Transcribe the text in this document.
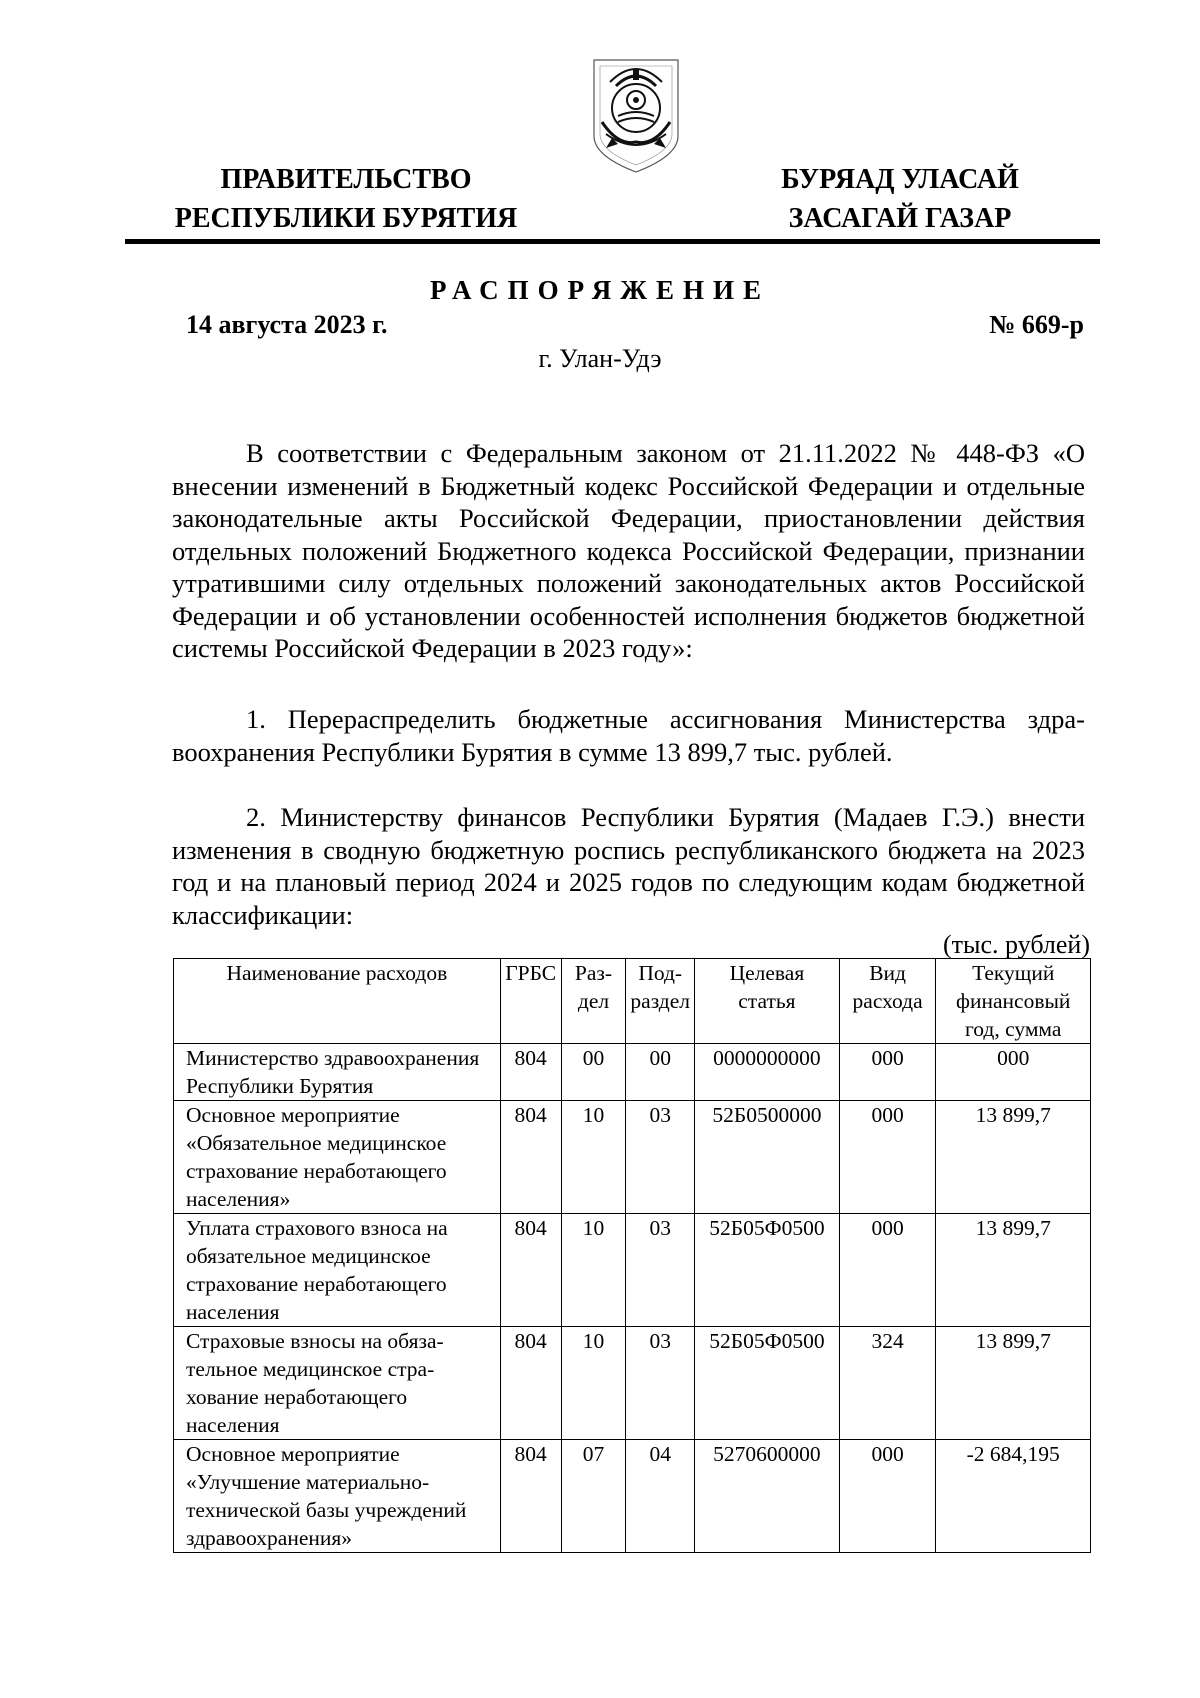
ПРАВИТЕЛЬСТВО
РЕСПУБЛИКИ БУРЯТИЯ
БУРЯАД УЛАСАЙ
ЗАСАГАЙ ГАЗАР
РАСПОРЯЖЕНИЕ
14 августа 2023 г.	№ 669-р
г. Улан-Удэ

В соответствии с Федеральным законом от 21.11.2022 № 448-ФЗ «О внесении изменений в Бюджетный кодекс Российской Федерации и отдельные законодательные акты Российской Федерации, приостановлении действия отдельных положений Бюджетного кодекса Российской Федерации, признании утратившими силу отдельных положений законодательных актов Российской Федерации и об установлении особенностей исполнения бюджетов бюджетной системы Российской Федерации в 2023 году»:

1. Перераспределить бюджетные ассигнования Министерства здравоохранения Республики Бурятия в сумме 13 899,7 тыс. рублей.

2. Министерству финансов Республики Бурятия (Мадаев Г.Э.) внести изменения в сводную бюджетную роспись республиканского бюджета на 2023 год и на плановый период 2024 и 2025 годов по следующим кодам бюджетной классификации:

(тыс. рублей)
Наименование расходов	ГРБС	Раздел	Подраздел	Целевая статья	Вид расхода	Текущий финансовый год, сумма
Министерство здравоохранения Республики Бурятия	804	00	00	0000000000	000	000
Основное мероприятие «Обязательное медицинское страхование неработающего населения»	804	10	03	52Б0500000	000	13 899,7
Уплата страхового взноса на обязательное медицинское страхование неработающего населения	804	10	03	52Б05Ф0500	000	13 899,7
Страховые взносы на обязательное медицинское страхование неработающего населения	804	10	03	52Б05Ф0500	324	13 899,7
Основное мероприятие «Улучшение материально-технической базы учреждений здравоохранения»	804	07	04	5270600000	000	-2 684,195
